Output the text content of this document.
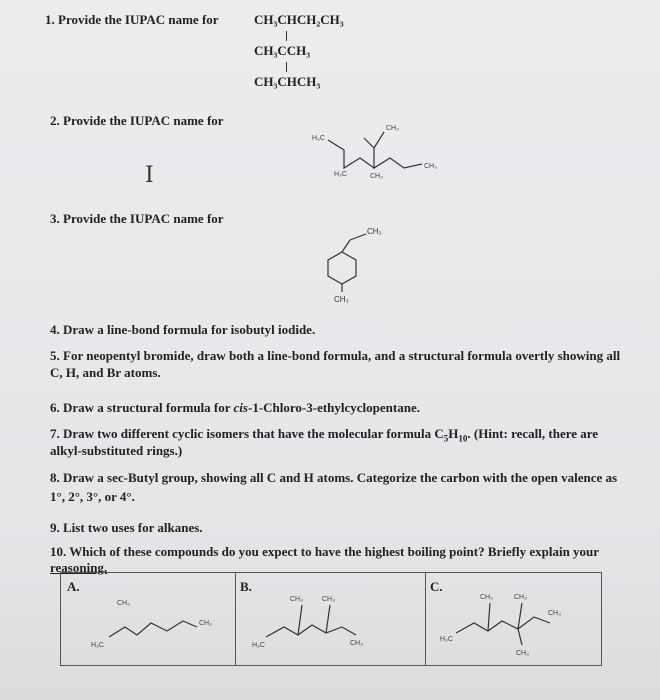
1. Provide the IUPAC name for	CH₃CHCH₂CH₃
CH₃CCH₃
CH₃CHCH₃
2. Provide the IUPAC name for
I
H₃C
H₃C
CH₃
CH₃
CH₃
3. Provide the IUPAC name for
CH₃
CH₃
4. Draw a line-bond formula for isobutyl iodide.
5. For neopentyl bromide, draw both a line-bond formula, and a structural formula overtly showing all
C, H, and Br atoms.
6. Draw a structural formula for cis-1-Chloro-3-ethylcyclopentane.
7. Draw two different cyclic isomers that have the molecular formula $C_5H_{10}$. (Hint: recall, there are
alkyl-substituted rings.)
8. Draw a sec-Butyl group, showing all C and H atoms. Categorize the carbon with the open valence as
1°, 2°, 3°, or 4°.
9. List two uses for alkanes.
10. Which of these compounds do you expect to have the highest boiling point? Briefly explain your
reasoning.
A.
CH₃
CH₃
H₃C
B.
CH₃	CH₃
CH₃
H₃C
C.
CH₃	CH₃
CH₃
H₃C
CH₃
